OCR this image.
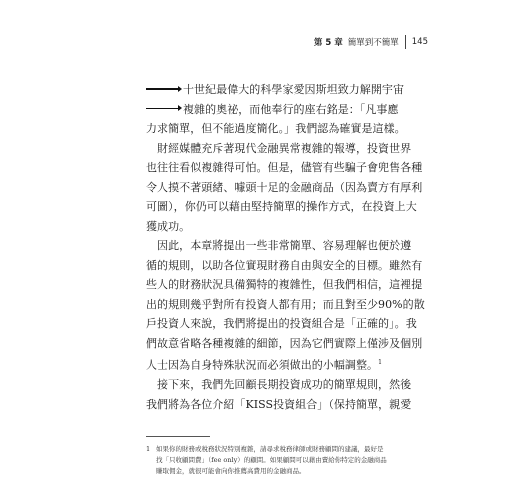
第 5 章 簡單到不簡單 145
十世紀最偉大的科學家愛因斯坦致力解開宇宙
複雜的奧祕，而他奉行的座右銘是：「凡事應
力求簡單，但不能過度簡化。」我們認為確實是這樣。
　財經媒體充斥著現代金融異常複雜的報導，投資世界
也往往看似複雜得可怕。但是，儘管有些騙子會兜售各種
令人摸不著頭緒、噱頭十足的金融商品（因為賣方有厚利
可圖），你仍可以藉由堅持簡單的操作方式，在投資上大
獲成功。
　因此，本章將提出一些非常簡單、容易理解也便於遵
循的規則，以助各位實現財務自由與安全的目標。雖然有
些人的財務狀況具備獨特的複雜性，但我們相信，這裡提
出的規則幾乎對所有投資人都有用；而且對至少90%的散
戶投資人來說，我們將提出的投資組合是「正確的」。我
們故意省略各種複雜的細節，因為它們實際上僅涉及個別
人士因為自身特殊狀況而必須做出的小幅調整。$^1$
　接下來，我們先回顧長期投資成功的簡單規則，然後
我們將為各位介紹「KISS投資組合」（保持簡單，親愛
1 如果你的財務或稅務狀況特別複雜，請尋求稅務律師或財務顧問的建議，最好是
找「只收顧問費」（fee only）的顧問。如果顧問可以藉由賣給你特定的金融商品
賺取佣金，就很可能會向你推薦高費用的金融商品。
